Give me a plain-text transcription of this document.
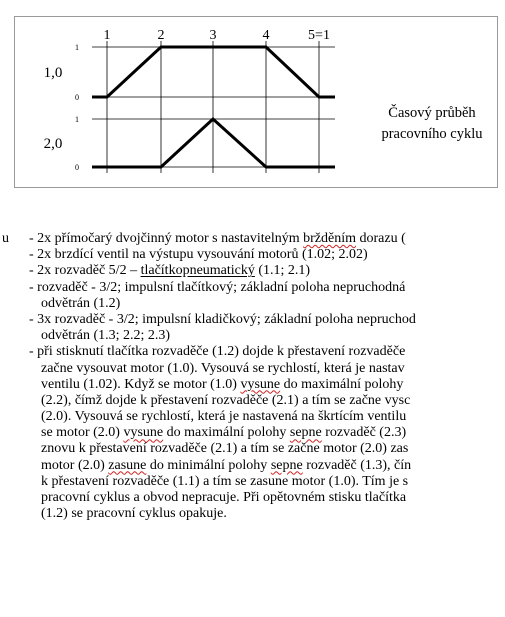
1	2	3	4	5=1
1
0
1,0
1
0
2,0
Časový průběh
pracovního cyklu
u	- 2x přímočarý dvojčinný motor s nastavitelným bržděním dorazu (
- 2x brzdící ventil na výstupu vysouvání motorů (1.02; 2.02)
- 2x rozvaděč 5/2 – tlačítkopneumatický (1.1; 2.1)
- rozvaděč - 3/2; impulsní tlačítkový; základní poloha nepruchodná
odvětrán (1.2)
- 3x rozvaděč - 3/2; impulsní kladičkový; základní poloha nepruchod
odvětrán (1.3; 2.2; 2.3)
- při stisknutí tlačítka rozvaděče (1.2) dojde k přestavení rozvaděče
začne vysouvat motor (1.0). Vysouvá se rychlostí, která je nastav
ventilu (1.02). Když se motor (1.0) vysune do maximální polohy
(2.2), čímž dojde k přestavení rozvaděče (2.1) a tím se začne vysc
(2.0). Vysouvá se rychlostí, která je nastavená na škrtícím ventilu
se motor (2.0) vysune do maximální polohy sepne rozvaděč (2.3)
znovu k přestavení rozvaděče (2.1) a tím se začne motor (2.0) zas
motor (2.0) zasune do minimální polohy sepne rozvaděč (1.3), čín
k přestavení rozvaděče (1.1) a tím se zasune motor (1.0). Tím je s
pracovní cyklus a obvod nepracuje. Při opětovném stisku tlačítka
(1.2) se pracovní cyklus opakuje.
